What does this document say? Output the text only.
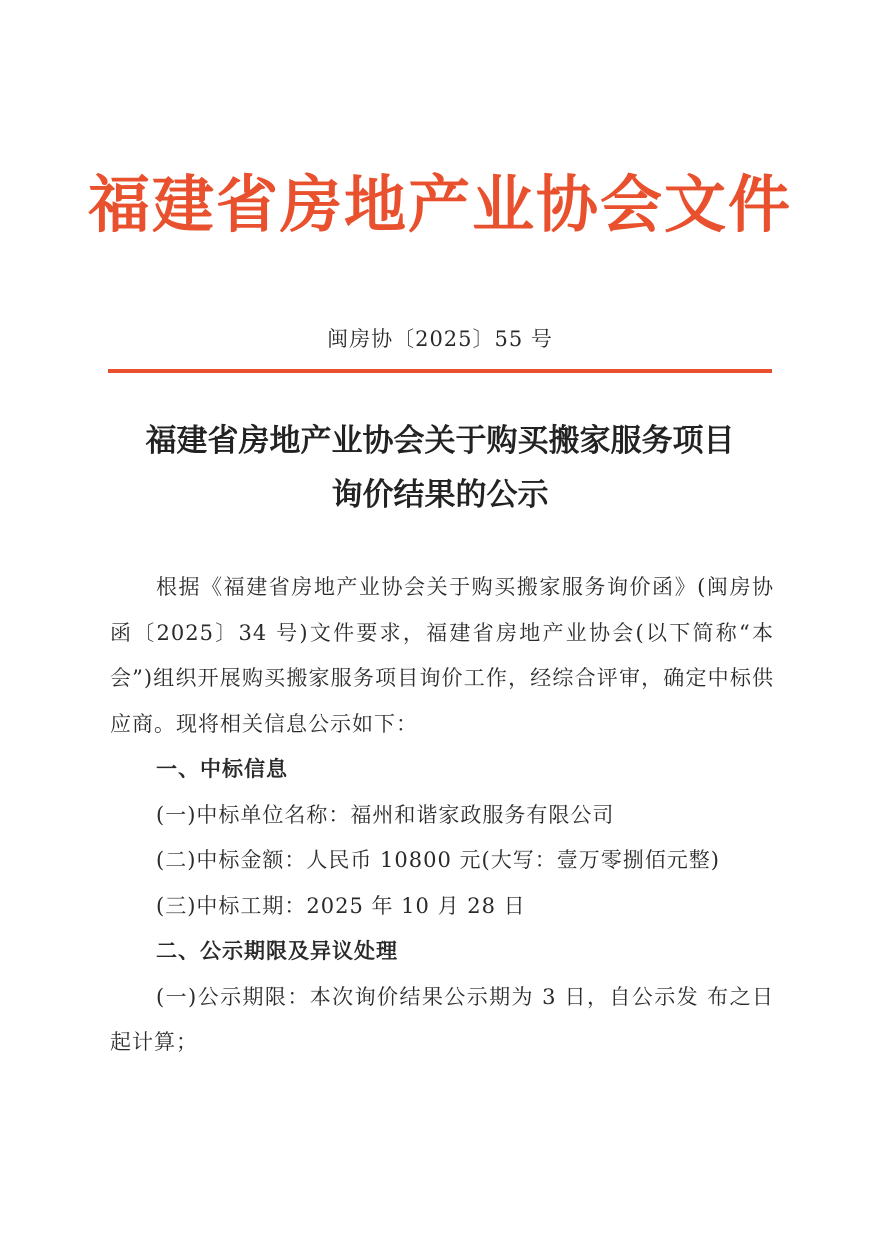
福建省房地产业协会文件
闽房协〔2025〕55 号
福建省房地产业协会关于购买搬家服务项目
询价结果的公示

根据《福建省房地产业协会关于购买搬家服务询价函》(闽房协函〔2025〕34 号)文件要求，福建省房地产业协会(以下简称“本会”)组织开展购买搬家服务项目询价工作，经综合评审，确定中标供应商。现将相关信息公示如下：

一、中标信息

(一)中标单位名称：福州和谐家政服务有限公司

(二)中标金额：人民币 10800 元(大写：壹万零捌佰元整)

(三)中标工期：2025 年 10 月 28 日

二、公示期限及异议处理

(一)公示期限：本次询价结果公示期为 3 日，自公示发 布之日起计算；
